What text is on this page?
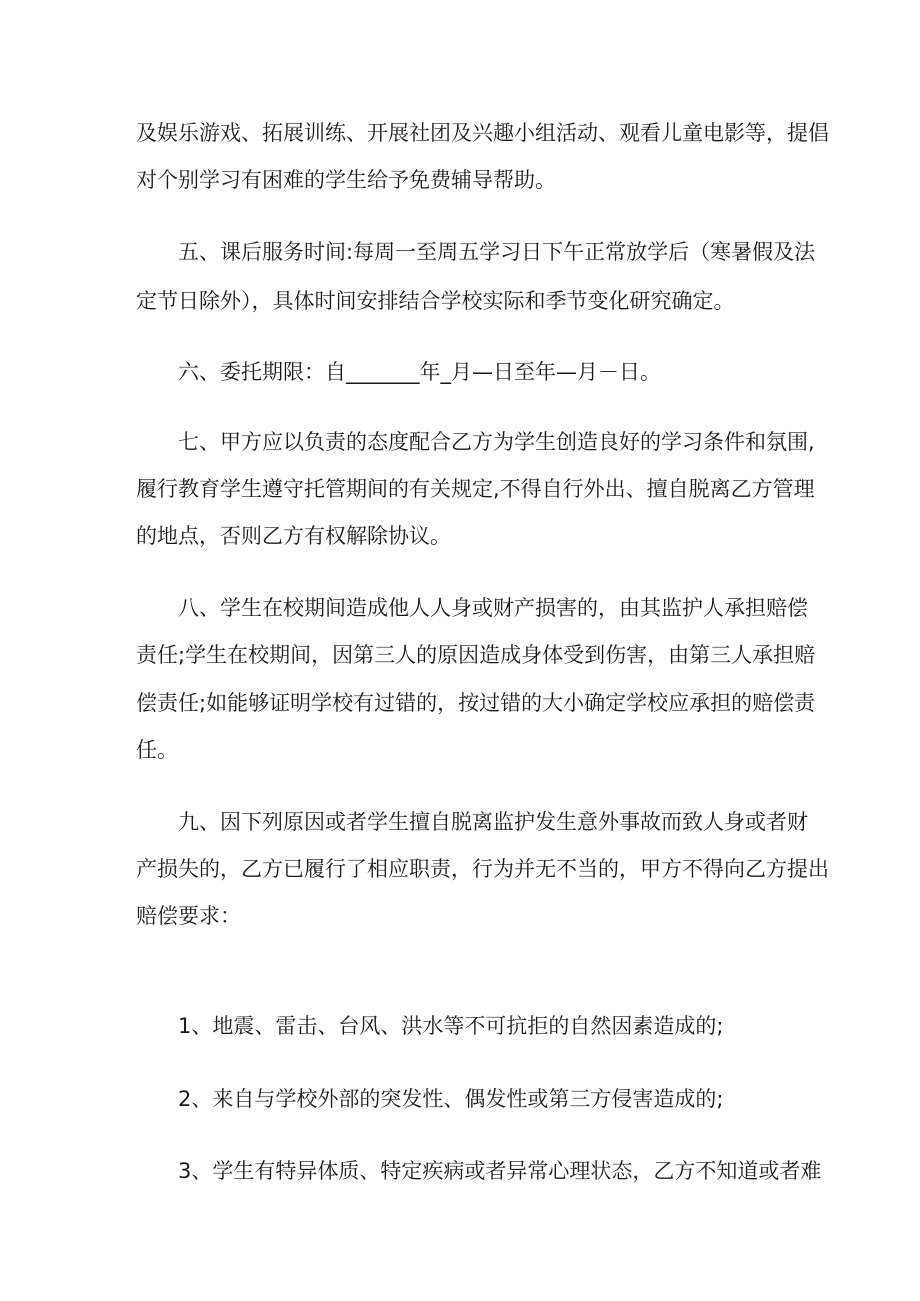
及娱乐游戏、拓展训练、开展社团及兴趣小组活动、观看儿童电影等，提倡
对个别学习有困难的学生给予免费辅导帮助。
五、课后服务时间:每周一至周五学习日下午正常放学后（寒暑假及法
定节日除外），具体时间安排结合学校实际和季节变化研究确定。
六、委托期限：自_______年_月—日至年—月－日。
七、甲方应以负责的态度配合乙方为学生创造良好的学习条件和氛围,
履行教育学生遵守托管期间的有关规定,不得自行外出、擅自脱离乙方管理
的地点，否则乙方有权解除协议。
八、学生在校期间造成他人人身或财产损害的，由其监护人承担赔偿
责任;学生在校期间，因第三人的原因造成身体受到伤害，由第三人承担赔
偿责任;如能够证明学校有过错的，按过错的大小确定学校应承担的赔偿责
任。
九、因下列原因或者学生擅自脱离监护发生意外事故而致人身或者财
产损失的，乙方已履行了相应职责，行为并无不当的，甲方不得向乙方提出
赔偿要求：
1、地震、雷击、台风、洪水等不可抗拒的自然因素造成的;
2、来自与学校外部的突发性、偶发性或第三方侵害造成的;
3、学生有特异体质、特定疾病或者异常心理状态，乙方不知道或者难
